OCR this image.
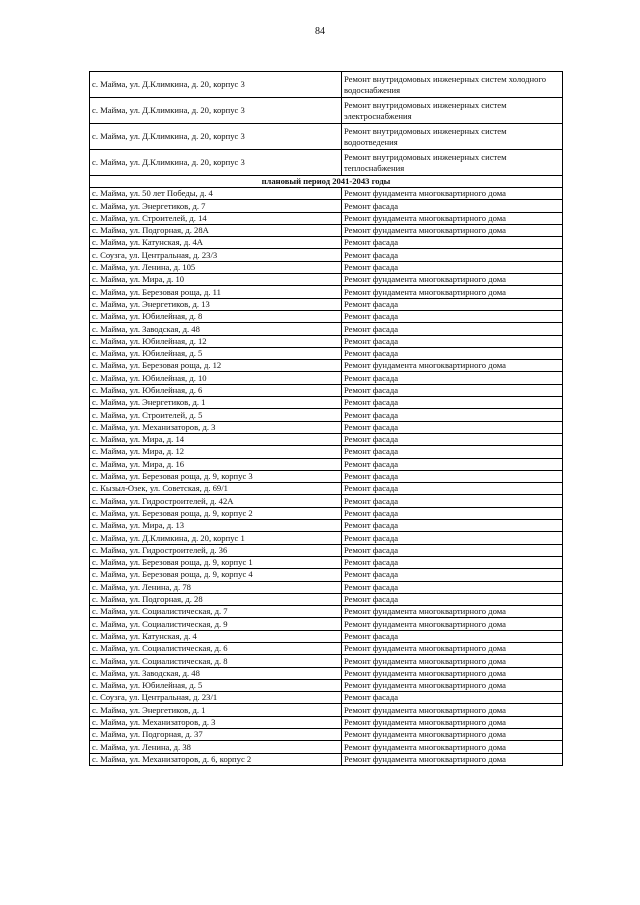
84
с. Майма, ул. Д.Климкина, д. 20, корпус 3	Ремонт внутридомовых инженерных систем холодного водоснабжения
с. Майма, ул. Д.Климкина, д. 20, корпус 3	Ремонт внутридомовых инженерных систем электроснабжения
с. Майма, ул. Д.Климкина, д. 20, корпус 3	Ремонт внутридомовых инженерных систем водоотведения
с. Майма, ул. Д.Климкина, д. 20, корпус 3	Ремонт внутридомовых инженерных систем теплоснабжения
плановый период 2041-2043 годы	
с. Майма, ул. 50 лет Победы, д. 4	Ремонт фундамента многоквартирного дома
с. Майма, ул. Энергетиков, д. 7	Ремонт фасада
с. Майма, ул. Строителей, д. 14	Ремонт фундамента многоквартирного дома
с. Майма, ул. Подгорная, д. 28А	Ремонт фундамента многоквартирного дома
с. Майма, ул. Катунская, д. 4А	Ремонт фасада
с. Соузга, ул. Центральная, д. 23/3	Ремонт фасада
с. Майма, ул. Ленина, д. 105	Ремонт фасада
с. Майма, ул. Мира, д. 10	Ремонт фундамента многоквартирного дома
с. Майма, ул. Березовая роща, д. 11	Ремонт фундамента многоквартирного дома
с. Майма, ул. Энергетиков, д. 13	Ремонт фасада
с. Майма, ул. Юбилейная, д. 8	Ремонт фасада
с. Майма, ул. Заводская, д. 48	Ремонт фасада
с. Майма, ул. Юбилейная, д. 12	Ремонт фасада
с. Майма, ул. Юбилейная, д. 5	Ремонт фасада
с. Майма, ул. Березовая роща, д. 12	Ремонт фундамента многоквартирного дома
с. Майма, ул. Юбилейная, д. 10	Ремонт фасада
с. Майма, ул. Юбилейная, д. 6	Ремонт фасада
с. Майма, ул. Энергетиков, д. 1	Ремонт фасада
с. Майма, ул. Строителей, д. 5	Ремонт фасада
с. Майма, ул. Механизаторов, д. 3	Ремонт фасада
с. Майма, ул. Мира, д. 14	Ремонт фасада
с. Майма, ул. Мира, д. 12	Ремонт фасада
с. Майма, ул. Мира, д. 16	Ремонт фасада
с. Майма, ул. Березовая роща, д. 9, корпус 3	Ремонт фасада
с. Кызыл-Озек, ул. Советская, д. 69/1	Ремонт фасада
с. Майма, ул. Гидростроителей, д. 42А	Ремонт фасада
с. Майма, ул. Березовая роща, д. 9, корпус 2	Ремонт фасада
с. Майма, ул. Мира, д. 13	Ремонт фасада
с. Майма, ул. Д.Климкина, д. 20, корпус 1	Ремонт фасада
с. Майма, ул. Гидростроителей, д. 36	Ремонт фасада
с. Майма, ул. Березовая роща, д. 9, корпус 1	Ремонт фасада
с. Майма, ул. Березовая роща, д. 9, корпус 4	Ремонт фасада
с. Майма, ул. Ленина, д. 78	Ремонт фасада
с. Майма, ул. Подгорная, д. 28	Ремонт фасада
с. Майма, ул. Социалистическая, д. 7	Ремонт фундамента многоквартирного дома
с. Майма, ул. Социалистическая, д. 9	Ремонт фундамента многоквартирного дома
с. Майма, ул. Катунская, д. 4	Ремонт фасада
с. Майма, ул. Социалистическая, д. 6	Ремонт фундамента многоквартирного дома
с. Майма, ул. Социалистическая, д. 8	Ремонт фундамента многоквартирного дома
с. Майма, ул. Заводская, д. 48	Ремонт фундамента многоквартирного дома
с. Майма, ул. Юбилейная, д. 5	Ремонт фундамента многоквартирного дома
с. Соузга, ул. Центральная, д. 23/1	Ремонт фасада
с. Майма, ул. Энергетиков, д. 1	Ремонт фундамента многоквартирного дома
с. Майма, ул. Механизаторов, д. 3	Ремонт фундамента многоквартирного дома
с. Майма, ул. Подгорная, д. 37	Ремонт фундамента многоквартирного дома
с. Майма, ул. Ленина, д. 38	Ремонт фундамента многоквартирного дома
с. Майма, ул. Механизаторов, д. 6, корпус 2	Ремонт фундамента многоквартирного дома
